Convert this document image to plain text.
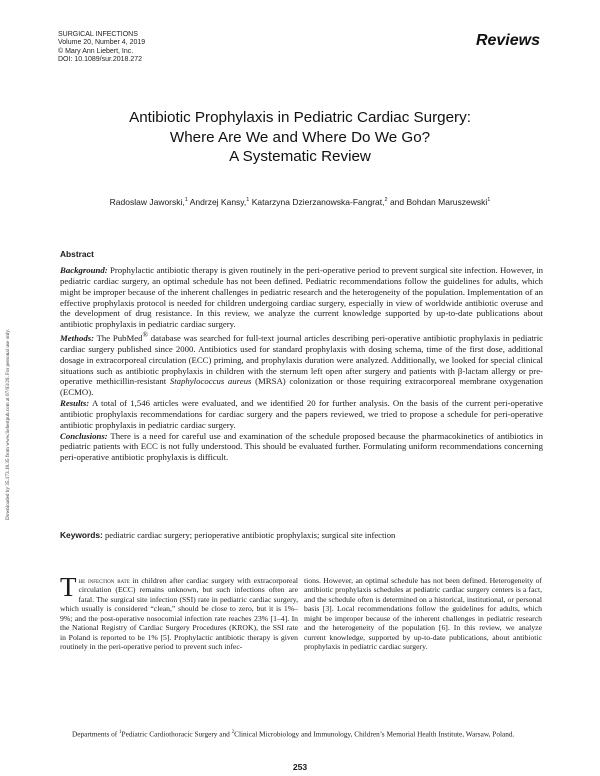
SURGICAL INFECTIONS
Volume 20, Number 4, 2019
© Mary Ann Liebert, Inc.
DOI: 10.1089/sur.2018.272
Reviews
Antibiotic Prophylaxis in Pediatric Cardiac Surgery:
Where Are We and Where Do We Go?
A Systematic Review
Radoslaw Jaworski,$^1$ Andrzej Kansy,$^1$ Katarzyna Dzierzanowska-Fangrat,$^2$ and Bohdan Maruszewski$^1$
Downloaded by 35.173.18.35 from www.liebertpub.com at 07/03/20. For personal use only.
Abstract

Background: Prophylactic antibiotic therapy is given routinely in the peri-operative period to prevent surgical site infection. However, in pediatric cardiac surgery, an optimal schedule has not been defined. Pediatric recommendations follow the guidelines for adults, which might be improper because of the inherent challenges in pediatric research and the heterogeneity of the population. Implementation of an effective prophylaxis protocol is needed for children undergoing cardiac surgery, especially in view of worldwide antibiotic overuse and the development of drug resistance. In this review, we analyze the current knowledge supported by up-to-date publications about antibiotic prophylaxis in pediatric cardiac surgery.

Methods: The PubMed® database was searched for full-text journal articles describing peri-operative antibiotic prophylaxis in pediatric cardiac surgery published since 2000. Antibiotics used for standard prophylaxis with dosing schema, time of the first dose, additional dosage in extracorporeal circulation (ECC) priming, and prophylaxis duration were analyzed. Additionally, we looked for special clinical situations such as antibiotic prophylaxis in children with the sternum left open after surgery and patients with β-lactam allergy or pre-operative methicillin-resistant Staphylococcus aureus (MRSA) colonization or those requiring extracorporeal membrane oxygenation (ECMO).

Results: A total of 1,546 articles were evaluated, and we identified 20 for further analysis. On the basis of the current peri-operative antibiotic prophylaxis recommendations for cardiac surgery and the papers reviewed, we tried to propose a schedule for peri-operative antibiotic prophylaxis in pediatric cardiac surgery.

Conclusions: There is a need for careful use and examination of the schedule proposed because the pharmacokinetics of antibiotics in pediatric patients with ECC is not fully understood. This should be evaluated further. Formulating uniform recommendations concerning peri-operative antibiotic prophylaxis is difficult.

Keywords: pediatric cardiac surgery; perioperative antibiotic prophylaxis; surgical site infection

The infection rate in children after cardiac surgery with extracorporeal circulation (ECC) remains unknown, but such infections often are fatal. The surgical site infection (SSI) rate in pediatric cardiac surgery, which usually is considered “clean,” should be close to zero, but it is 1%–9%; and the post-operative nosocomial infection rate reaches 23% [1–4]. In the National Registry of Cardiac Surgery Procedures (KROK), the SSI rate in Poland is reported to be 1% [5]. Prophylactic antibiotic therapy is given routinely in the peri-operative period to prevent such infec-

tions. However, an optimal schedule has not been defined. Heterogeneity of antibiotic prophylaxis schedules at pediatric cardiac surgery centers is a fact, and the schedule often is determined on a historical, institutional, or personal basis [3]. Local recommendations follow the guidelines for adults, which might be improper because of the inherent challenges in pediatric research and the heterogeneity of the population [6]. In this review, we analyze current knowledge, supported by up-to-date publications, about antibiotic prophylaxis in pediatric cardiac surgery.

Departments of $^1$Pediatric Cardiothoracic Surgery and $^2$Clinical Microbiology and Immunology, Children’s Memorial Health Institute, Warsaw, Poland.
253
